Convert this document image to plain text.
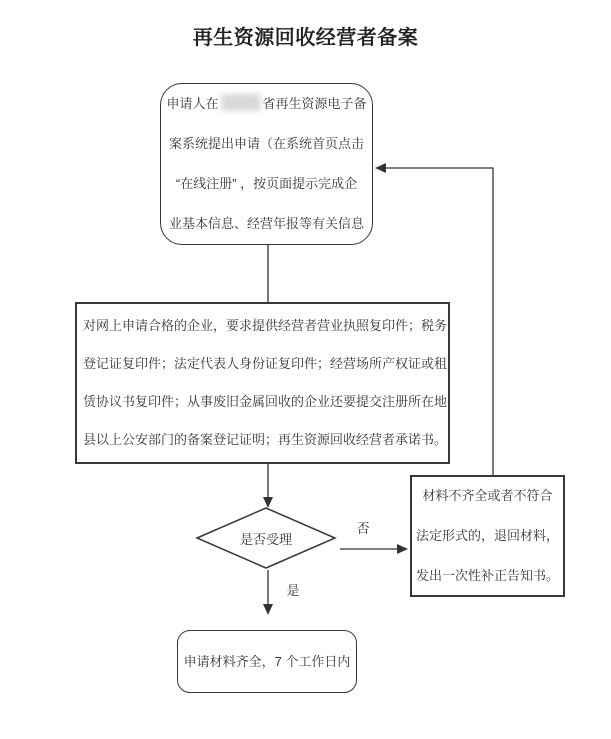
再生资源回收经营者备案
申请人在	省再生资源电子备
案系统提出申请（在系统首页点击
“在线注册” ，按页面提示完成企
业基本信息、经营年报等有关信息
对网上申请合格的企业，要求提供经营者营业执照复印件；税务
登记证复印件；法定代表人身份证复印件；经营场所产权证或租
赁协议书复印件；从事废旧金属回收的企业还要提交注册所在地
县以上公安部门的备案登记证明；再生资源回收经营者承诺书。
是否受理
否
是
材料不齐全或者不符合
法定形式的，退回材料，
发出一次性补正告知书。
申请材料齐全，7 个工作日内
